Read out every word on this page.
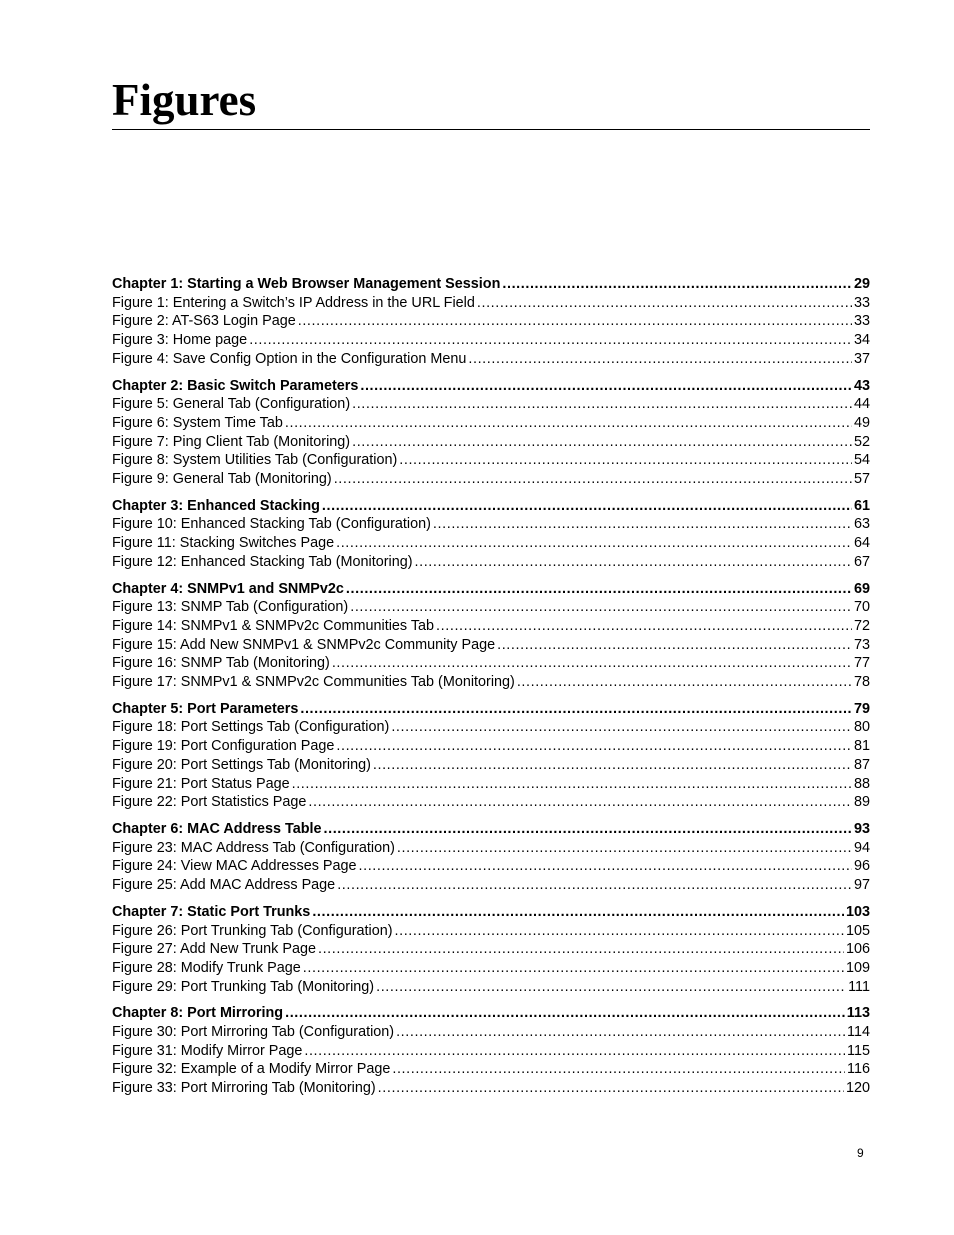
Figures
Chapter 1: Starting a Web Browser Management Session .....	29
Figure 1: Entering a Switch’s IP Address in the URL Field .....	33
Figure 2: AT-S63 Login Page .....	33
Figure 3: Home page .....	34
Figure 4: Save Config Option in the Configuration Menu .....	37
Chapter 2: Basic Switch Parameters .....	43
Figure 5: General Tab (Configuration) .....	44
Figure 6: System Time Tab .....	49
Figure 7: Ping Client Tab (Monitoring) .....	52
Figure 8: System Utilities Tab (Configuration) .....	54
Figure 9: General Tab (Monitoring) .....	57
Chapter 3: Enhanced Stacking .....	61
Figure 10: Enhanced Stacking Tab (Configuration) .....	63
Figure 11: Stacking Switches Page .....	64
Figure 12: Enhanced Stacking Tab (Monitoring) .....	67
Chapter 4: SNMPv1 and SNMPv2c .....	69
Figure 13: SNMP Tab (Configuration) .....	70
Figure 14: SNMPv1 & SNMPv2c Communities Tab .....	72
Figure 15: Add New SNMPv1 & SNMPv2c Community Page .....	73
Figure 16: SNMP Tab (Monitoring) .....	77
Figure 17: SNMPv1 & SNMPv2c Communities Tab (Monitoring) .....	78
Chapter 5: Port Parameters .....	79
Figure 18: Port Settings Tab (Configuration) .....	80
Figure 19: Port Configuration Page .....	81
Figure 20: Port Settings Tab (Monitoring) .....	87
Figure 21: Port Status Page .....	88
Figure 22: Port Statistics Page .....	89
Chapter 6: MAC Address Table .....	93
Figure 23: MAC Address Tab (Configuration) .....	94
Figure 24: View MAC Addresses Page .....	96
Figure 25: Add MAC Address Page .....	97
Chapter 7: Static Port Trunks .....	103
Figure 26: Port Trunking Tab (Configuration) .....	105
Figure 27: Add New Trunk Page .....	106
Figure 28: Modify Trunk Page .....	109
Figure 29: Port Trunking Tab (Monitoring) .....	111
Chapter 8: Port Mirroring .....	113
Figure 30: Port Mirroring Tab (Configuration) .....	114
Figure 31: Modify Mirror Page .....	115
Figure 32: Example of a Modify Mirror Page .....	116
Figure 33: Port Mirroring Tab (Monitoring) .....	120
9
